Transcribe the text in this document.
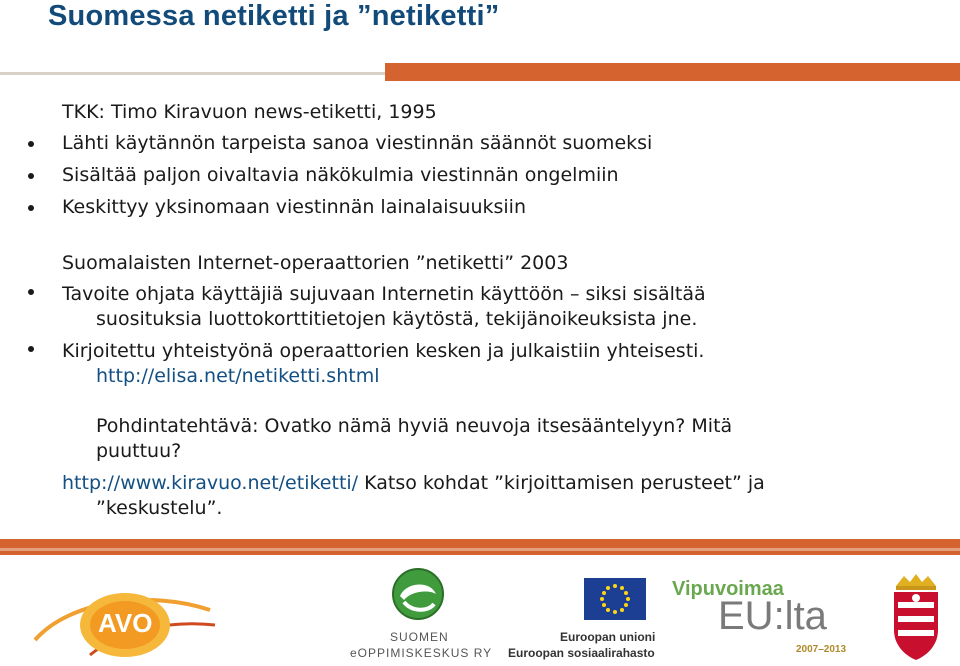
Suomessa netiketti ja ”netiketti”
TKK: Timo Kiravuon news-etiketti, 1995
Lähti käytännön tarpeista sanoa viestinnän säännöt suomeksi
Sisältää paljon oivaltavia näkökulmia viestinnän ongelmiin
Keskittyy yksinomaan viestinnän lainalaisuuksiin
Suomalaisten Internet-operaattorien ”netiketti” 2003
Tavoite ohjata käyttäjiä sujuvaan Internetin käyttöön – siksi sisältää
suosituksia luottokorttitietojen käytöstä, tekijänoikeuksista jne.
Kirjoitettu yhteistyönä operaattorien kesken ja julkaistiin yhteisesti.
http://elisa.net/netiketti.shtml
Pohdintatehtävä: Ovatko nämä hyviä neuvoja itsesääntelyyn? Mitä
puuttuu?
http://www.kiravuo.net/etiketti/ Katso kohdat ”kirjoittamisen perusteet” ja
”keskustelu”.
AVO	SUOMEN
eOPPIMISKESKUS RY
Euroopan unioni
Euroopan sosiaalirahasto
Vipuvoimaa
EU:lta
2007–2013
